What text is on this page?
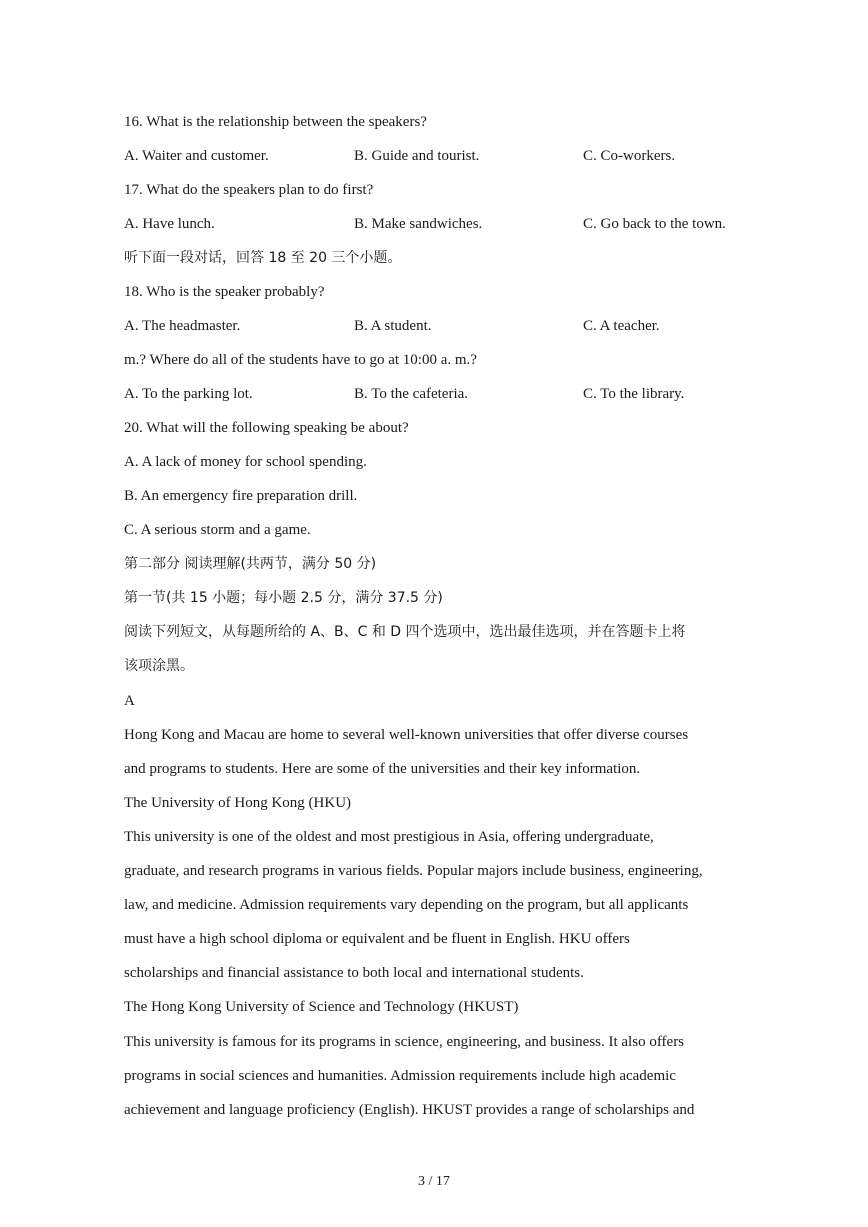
16. What is the relationship between the speakers?
A. Waiter and customer.	B. Guide and tourist.	C. Co-workers.
17. What do the speakers plan to do first?
A. Have lunch.	B. Make sandwiches.	C. Go back to the town.
听下面一段对话，回答 18 至 20 三个小题。
18. Who is the speaker probably?
A. The headmaster.	B. A student.	C. A teacher.
m.? Where do all of the students have to go at 10:00 a. m.?
A. To the parking lot.	B. To the cafeteria.	C. To the library.
20. What will the following speaking be about?
A. A lack of money for school spending.
B. An emergency fire preparation drill.
C. A serious storm and a game.
第二部分 阅读理解(共两节，满分 50 分)
第一节(共 15 小题；每小题 2.5 分，满分 37.5 分)
阅读下列短文，从每题所给的 A、B、C 和 D 四个选项中，选出最佳选项，并在答题卡上将
该项涂黑。
A
Hong Kong and Macau are home to several well-known universities that offer diverse courses
and programs to students. Here are some of the universities and their key information.
The University of Hong Kong (HKU)
This university is one of the oldest and most prestigious in Asia, offering undergraduate,
graduate, and research programs in various fields. Popular majors include business, engineering,
law, and medicine. Admission requirements vary depending on the program, but all applicants
must have a high school diploma or equivalent and be fluent in English. HKU offers
scholarships and financial assistance to both local and international students.
The Hong Kong University of Science and Technology (HKUST)
This university is famous for its programs in science, engineering, and business. It also offers
programs in social sciences and humanities. Admission requirements include high academic
achievement and language proficiency (English). HKUST provides a range of scholarships and
3 / 17
